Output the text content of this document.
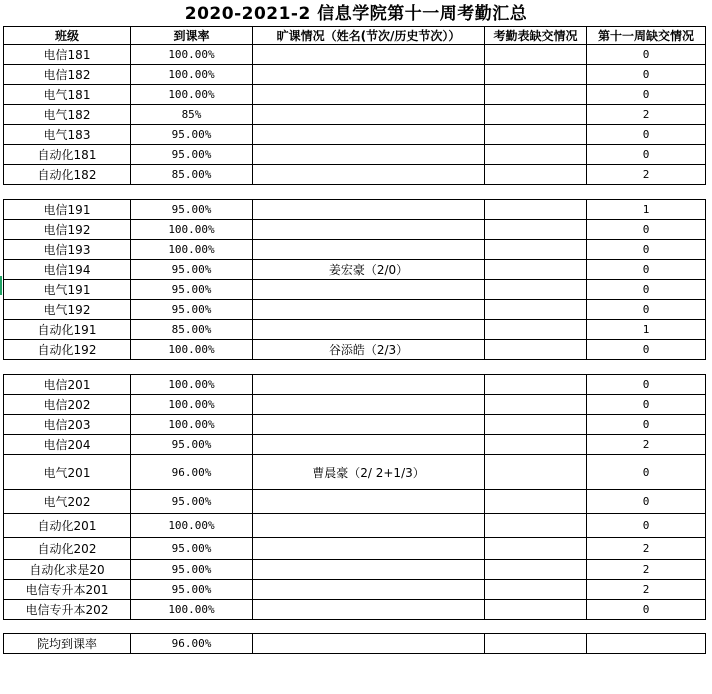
2020-2021-2 信息学院第十一周考勤汇总
班级	到课率	旷课情况（姓名(节次/历史节次））	考勤表缺交情况	第十一周缺交情况
电信181	100.00%			0
电信182	100.00%			0
电气181	100.00%			0
电气182	85%			2
电气183	95.00%			0
自动化181	95.00%			0
自动化182	85.00%			2

电信191	95.00%			1
电信192	100.00%			0
电信193	100.00%			0
电信194	95.00%	姜宏豪（2/0）		0
电气191	95.00%			0
电气192	95.00%			0
自动化191	85.00%			1
自动化192	100.00%	谷添皓（2/3）		0

电信201	100.00%			0
电信202	100.00%			0
电信203	100.00%			0
电信204	95.00%			2
电气201	96.00%	曹晨豪（2/ 2+1/3）		0
电气202	95.00%			0
自动化201	100.00%			0
自动化202	95.00%			2
自动化求是20	95.00%			2
电信专升本201	95.00%			2
电信专升本202	100.00%			0

院均到课率	96.00%			
